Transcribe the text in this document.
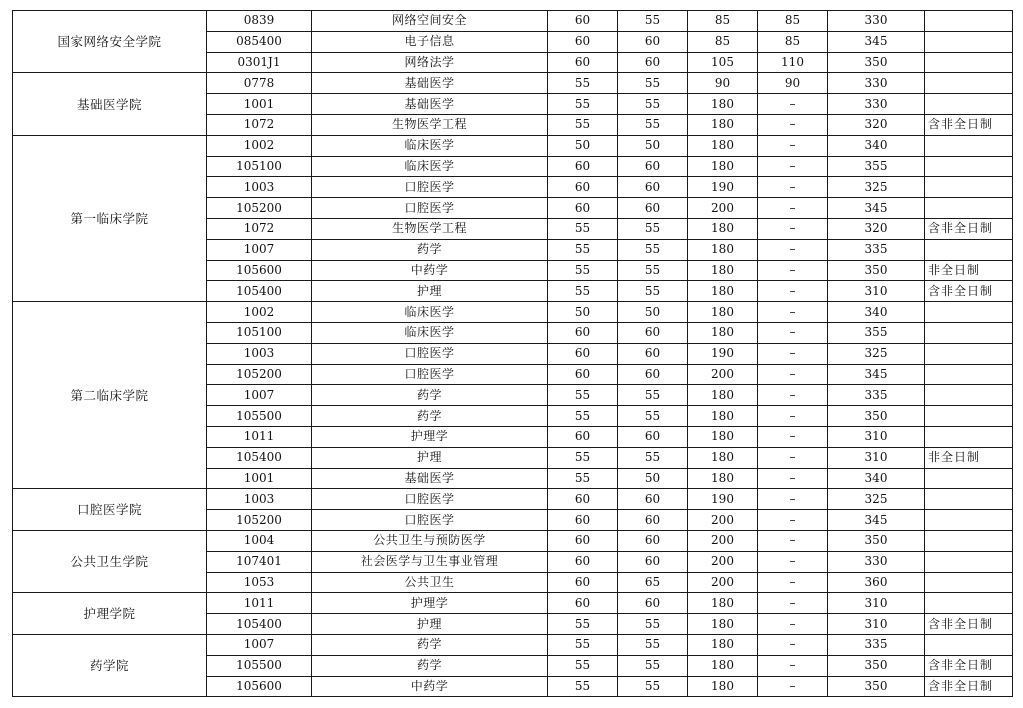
国家网络安全学院	0839	网络空间安全	60	55	85	85	330	
	085400	电子信息	60	60	85	85	345	
	0301J1	网络法学	60	60	105	110	350	
基础医学院	0778	基础医学	55	55	90	90	330	
	1001	基础医学	55	55	180	–	330	
	1072	生物医学工程	55	55	180	–	320	含非全日制
第一临床学院	1002	临床医学	50	50	180	–	340	
	105100	临床医学	60	60	180	–	355	
	1003	口腔医学	60	60	190	–	325	
	105200	口腔医学	60	60	200	–	345	
	1072	生物医学工程	55	55	180	–	320	含非全日制
	1007	药学	55	55	180	–	335	
	105600	中药学	55	55	180	–	350	非全日制
	105400	护理	55	55	180	–	310	含非全日制
第二临床学院	1002	临床医学	50	50	180	–	340	
	105100	临床医学	60	60	180	–	355	
	1003	口腔医学	60	60	190	–	325	
	105200	口腔医学	60	60	200	–	345	
	1007	药学	55	55	180	–	335	
	105500	药学	55	55	180	–	350	
	1011	护理学	60	60	180	–	310	
	105400	护理	55	55	180	–	310	非全日制
	1001	基础医学	55	50	180	–	340	
口腔医学院	1003	口腔医学	60	60	190	–	325	
	105200	口腔医学	60	60	200	–	345	
公共卫生学院	1004	公共卫生与预防医学	60	60	200	–	350	
	107401	社会医学与卫生事业管理	60	60	200	–	330	
	1053	公共卫生	60	65	200	–	360	
护理学院	1011	护理学	60	60	180	–	310	
	105400	护理	55	55	180	–	310	含非全日制
药学院	1007	药学	55	55	180	–	335	
	105500	药学	55	55	180	–	350	含非全日制
	105600	中药学	55	55	180	–	350	含非全日制
